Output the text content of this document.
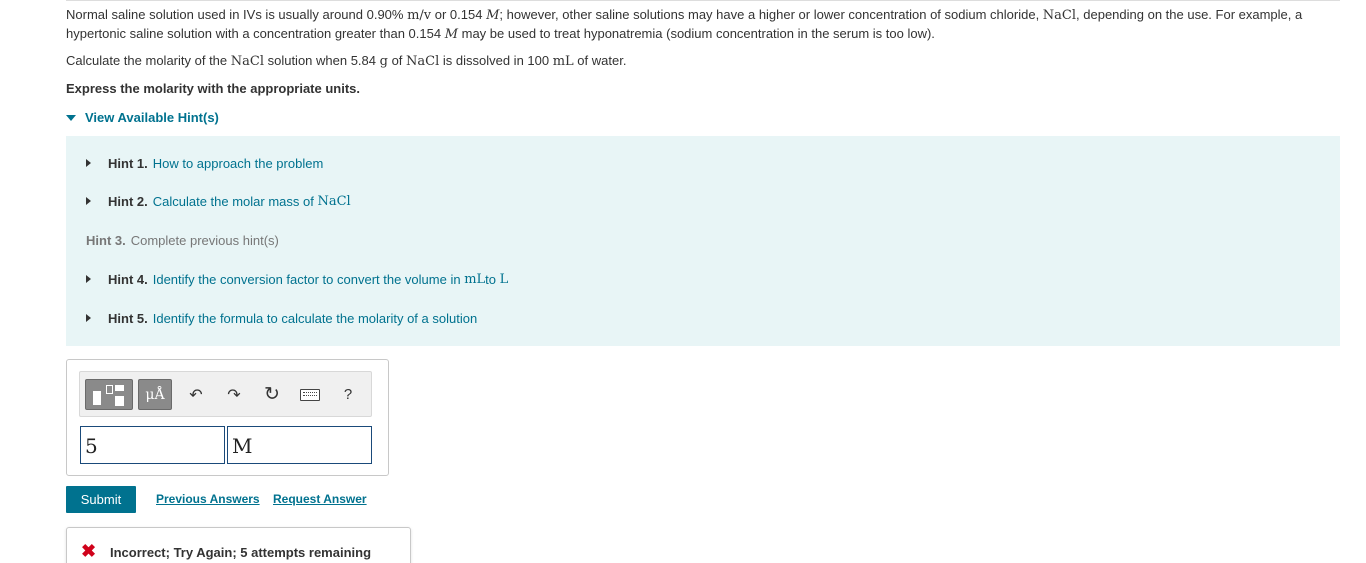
Normal saline solution used in IVs is usually around 0.90% m/v or 0.154 M; however, other saline solutions may have a higher or lower concentration of sodium chloride, NaCl, depending on the use. For example, a hypertonic saline solution with a concentration greater than 0.154 M may be used to treat hyponatremia (sodium concentration in the serum is too low).
Calculate the molarity of the NaCl solution when 5.84 g of NaCl is dissolved in 100 mL of water.
Express the molarity with the appropriate units.
View Available Hint(s)
Hint 1. How to approach the problem
Hint 2. Calculate the molar mass of
NaCl
Hint 3. Complete previous hint(s)
Hint 4. Identify the conversion factor to convert the volume in
mL to
L
Hint 5. Identify the formula to calculate the molarity of a solution
μÅ	↶	↷ ↻	?
5	M
Submit	Previous Answers Request Answer
✖ Incorrect; Try Again; 5 attempts remaining
